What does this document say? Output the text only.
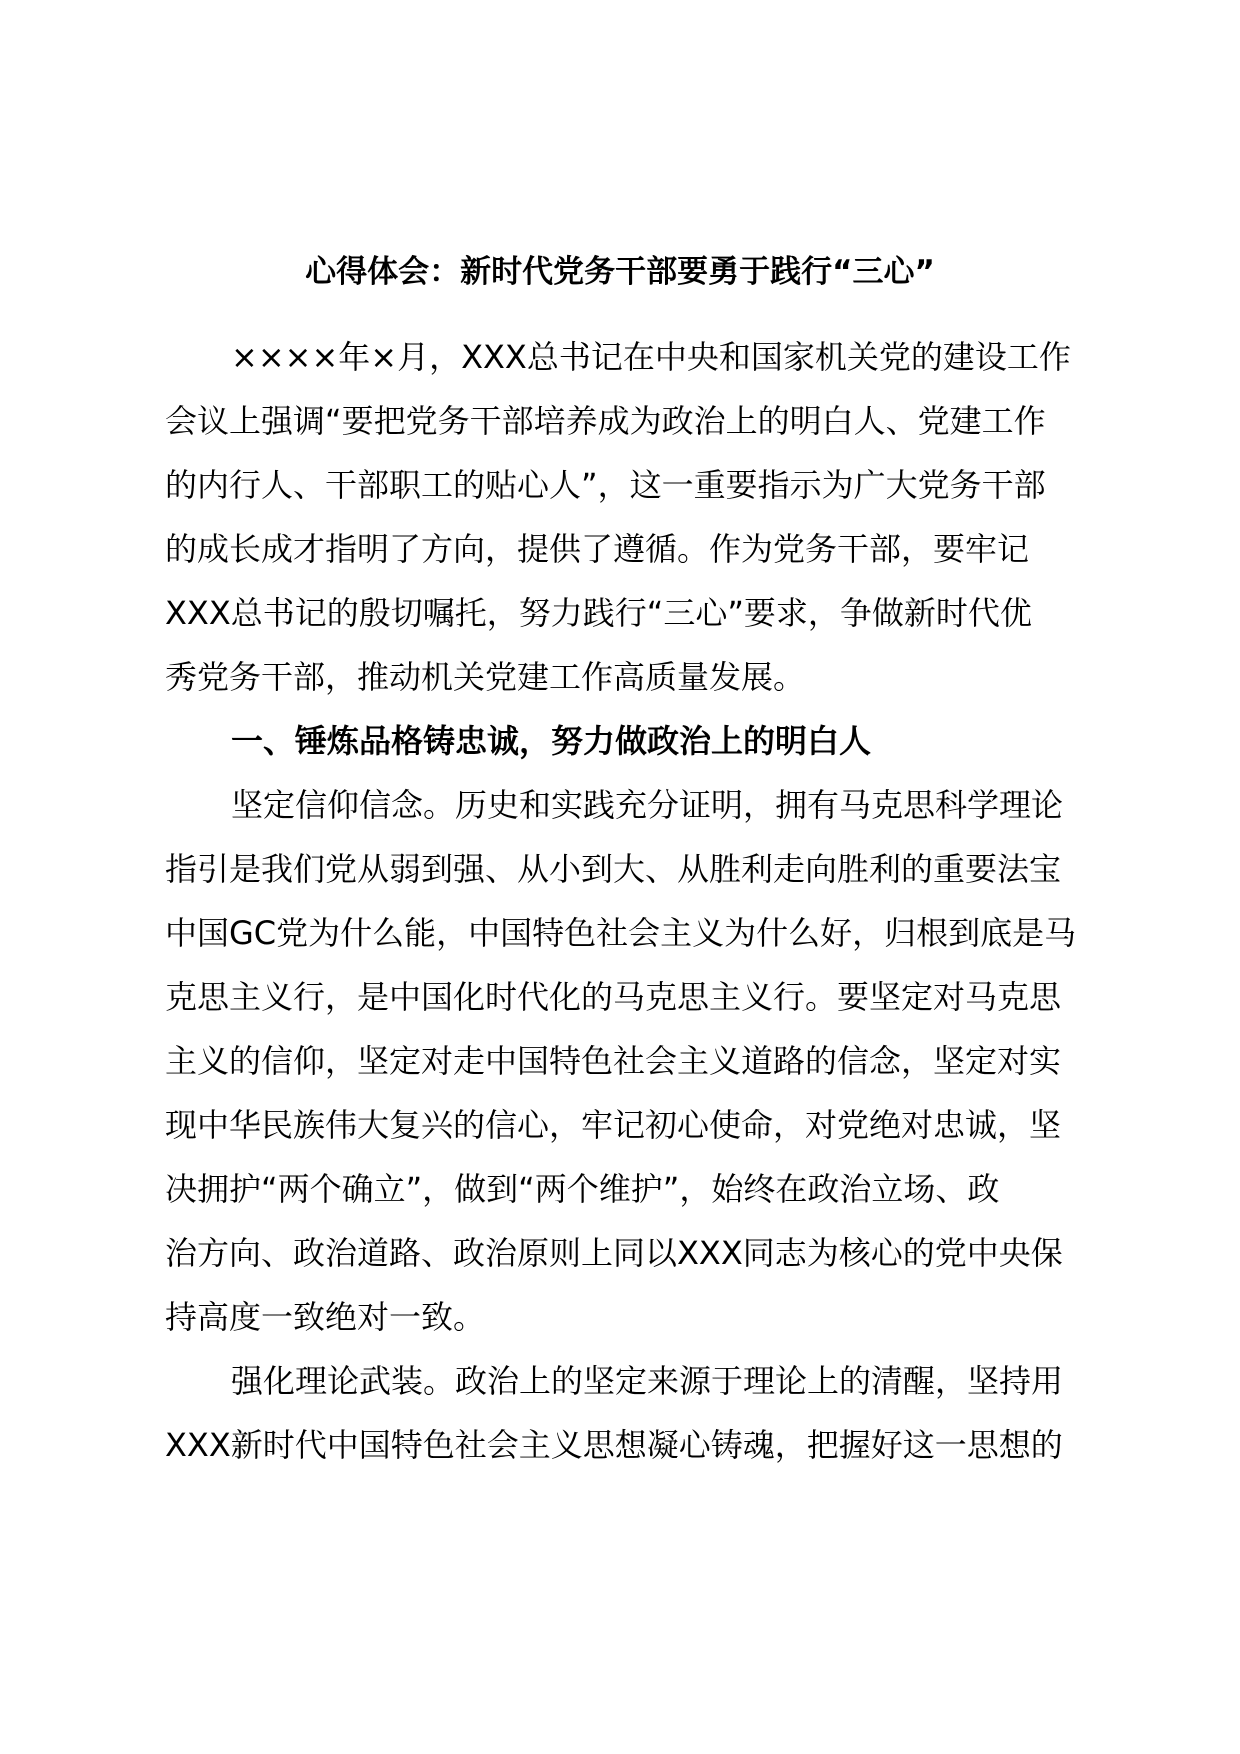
心得体会：新时代党务干部要勇于践行“三心”
××××年×月，XXX总书记在中央和国家机关党的建设工作
会议上强调“要把党务干部培养成为政治上的明白人、党建工作
的内行人、干部职工的贴心人”，这一重要指示为广大党务干部
的成长成才指明了方向，提供了遵循。作为党务干部，要牢记
XXX总书记的殷切嘱托，努力践行“三心”要求，争做新时代优
秀党务干部，推动机关党建工作高质量发展。
一、锤炼品格铸忠诚，努力做政治上的明白人
坚定信仰信念。历史和实践充分证明，拥有马克思科学理论
指引是我们党从弱到强、从小到大、从胜利走向胜利的重要法宝
中国GC党为什么能，中国特色社会主义为什么好，归根到底是马
克思主义行，是中国化时代化的马克思主义行。要坚定对马克思
主义的信仰，坚定对走中国特色社会主义道路的信念，坚定对实
现中华民族伟大复兴的信心，牢记初心使命，对党绝对忠诚，坚
决拥护“两个确立”，做到“两个维护”，始终在政治立场、政
治方向、政治道路、政治原则上同以XXX同志为核心的党中央保
持高度一致绝对一致。
强化理论武装。政治上的坚定来源于理论上的清醒，坚持用
XXX新时代中国特色社会主义思想凝心铸魂，把握好这一思想的
